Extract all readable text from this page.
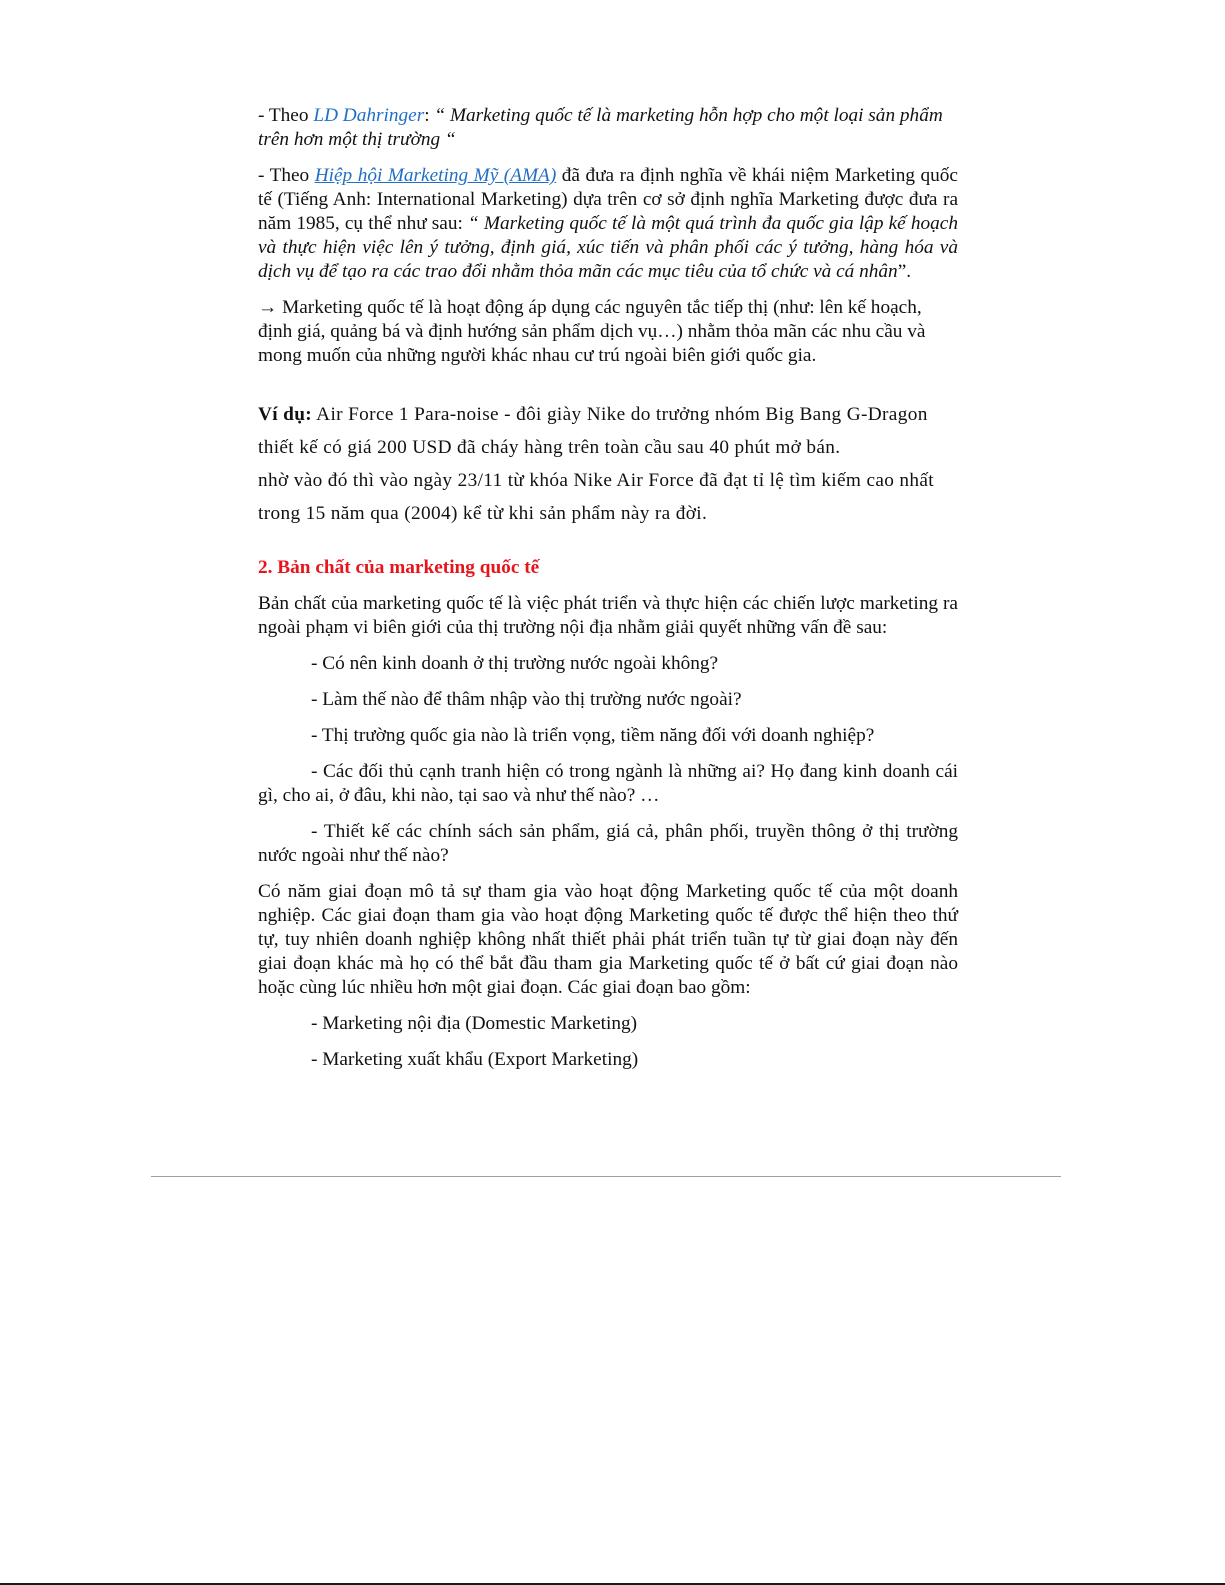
- Theo LD Dahringer: “ Marketing quốc tế là marketing hỗn hợp cho một loại sản phẩm trên hơn một thị trường “

- Theo Hiệp hội Marketing Mỹ (AMA) đã đưa ra định nghĩa về khái niệm Marketing quốc tế (Tiếng Anh: International Marketing) dựa trên cơ sở định nghĩa Marketing được đưa ra năm 1985, cụ thể như sau: “ Marketing quốc tế là một quá trình đa quốc gia lập kế hoạch và thực hiện việc lên ý tưởng, định giá, xúc tiến và phân phối các ý tưởng, hàng hóa và dịch vụ để tạo ra các trao đổi nhằm thỏa mãn các mục tiêu của tổ chức và cá nhân”.

→ Marketing quốc tế là hoạt động áp dụng các nguyên tắc tiếp thị (như: lên kế hoạch, định giá, quảng bá và định hướng sản phẩm dịch vụ…) nhằm thỏa mãn các nhu cầu và mong muốn của những người khác nhau cư trú ngoài biên giới quốc gia.

Ví dụ: Air Force 1 Para-noise - đôi giày Nike do trưởng nhóm Big Bang G-Dragon

thiết kế có giá 200 USD đã cháy hàng trên toàn cầu sau 40 phút mở bán.

nhờ vào đó thì vào ngày 23/11 từ khóa Nike Air Force đã đạt tỉ lệ tìm kiếm cao nhất

trong 15 năm qua (2004) kể từ khi sản phẩm này ra đời.

2. Bản chất của marketing quốc tế

Bản chất của marketing quốc tế là việc phát triển và thực hiện các chiến lược marketing ra ngoài phạm vi biên giới của thị trường nội địa nhằm giải quyết những vấn đề sau:

- Có nên kinh doanh ở thị trường nước ngoài không?

- Làm thế nào để thâm nhập vào thị trường nước ngoài?

- Thị trường quốc gia nào là triển vọng, tiềm năng đối với doanh nghiệp?

- Các đối thủ cạnh tranh hiện có trong ngành là những ai? Họ đang kinh doanh cái gì, cho ai, ở đâu, khi nào, tại sao và như thế nào? …

- Thiết kế các chính sách sản phẩm, giá cả, phân phối, truyền thông ở thị trường nước ngoài như thế nào?

Có năm giai đoạn mô tả sự tham gia vào hoạt động Marketing quốc tế của một doanh nghiệp. Các giai đoạn tham gia vào hoạt động Marketing quốc tế được thể hiện theo thứ tự, tuy nhiên doanh nghiệp không nhất thiết phải phát triển tuần tự từ giai đoạn này đến giai đoạn khác mà họ có thể bắt đầu tham gia Marketing quốc tế ở bất cứ giai đoạn nào hoặc cùng lúc nhiều hơn một giai đoạn. Các giai đoạn bao gồm:

- Marketing nội địa (Domestic Marketing)

- Marketing xuất khẩu (Export Marketing)
